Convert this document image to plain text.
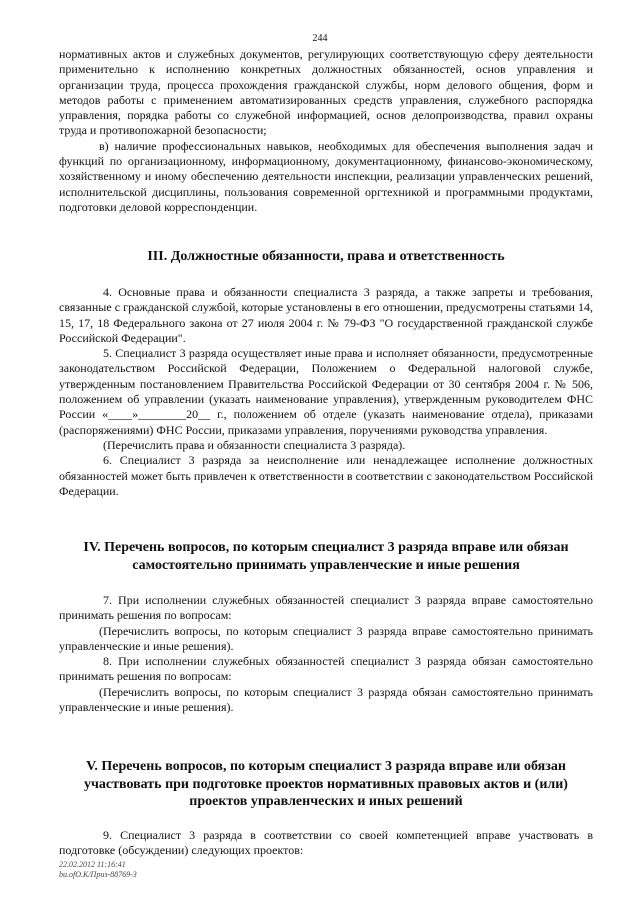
244

нормативных актов и служебных документов, регулирующих соответствующую сферу деятельности применительно к исполнению конкретных должностных обязанностей, основ управления и организации труда, процесса прохождения гражданской службы, норм делового общения, форм и методов работы с применением автоматизированных средств управления, служебного распорядка управления, порядка работы со служебной информацией, основ делопроизводства, правил охраны труда и противопожарной безопасности;

в) наличие профессиональных навыков, необходимых для обеспечения выполнения задач и функций по организационному, информационному, документационному, финансово-экономическому, хозяйственному и иному обеспечению деятельности инспекции, реализации управленческих решений, исполнительской дисциплины, пользования современной оргтехникой и программными продуктами, подготовки деловой корреспонденции.

III. Должностные обязанности, права и ответственность

4. Основные права и обязанности специалиста 3 разряда, а также запреты и требования, связанные с гражданской службой, которые установлены в его отношении, предусмотрены статьями 14, 15, 17, 18 Федерального закона от 27 июля 2004 г. № 79-ФЗ "О государственной гражданской службе Российской Федерации".

5. Специалист 3 разряда осуществляет иные права и исполняет обязанности, предусмотренные законодательством Российской Федерации, Положением о Федеральной налоговой службе, утвержденным постановлением Правительства Российской Федерации от 30 сентября 2004 г. № 506, положением об управлении (указать наименование управления), утвержденным руководителем ФНС России «____»________20__ г., положением об отделе (указать наименование отдела), приказами (распоряжениями) ФНС России, приказами управления, поручениями руководства управления.

(Перечислить права и обязанности специалиста 3 разряда).

6. Специалист 3 разряда за неисполнение или ненадлежащее исполнение должностных обязанностей может быть привлечен к ответственности в соответствии с законодательством Российской Федерации.

IV. Перечень вопросов, по которым специалист 3 разряда вправе или обязан
самостоятельно принимать управленческие и иные решения

7. При исполнении служебных обязанностей специалист 3 разряда вправе самостоятельно принимать решения по вопросам:

(Перечислить вопросы, по которым специалист 3 разряда вправе самостоятельно принимать управленческие и иные решения).

8. При исполнении служебных обязанностей специалист 3 разряда обязан самостоятельно принимать решения по вопросам:

(Перечислить вопросы, по которым специалист 3 разряда обязан самостоятельно принимать управленческие и иные решения).

V. Перечень вопросов, по которым специалист 3 разряда вправе или обязан
участвовать при подготовке проектов нормативных правовых актов и (или)
проектов управленческих и иных решений

9. Специалист 3 разряда в соответствии со своей компетенцией вправе участвовать в подготовке (обсуждении) следующих проектов:

22.02.2012 11:16:41
bu.ofO.K/Приз-88769-3
